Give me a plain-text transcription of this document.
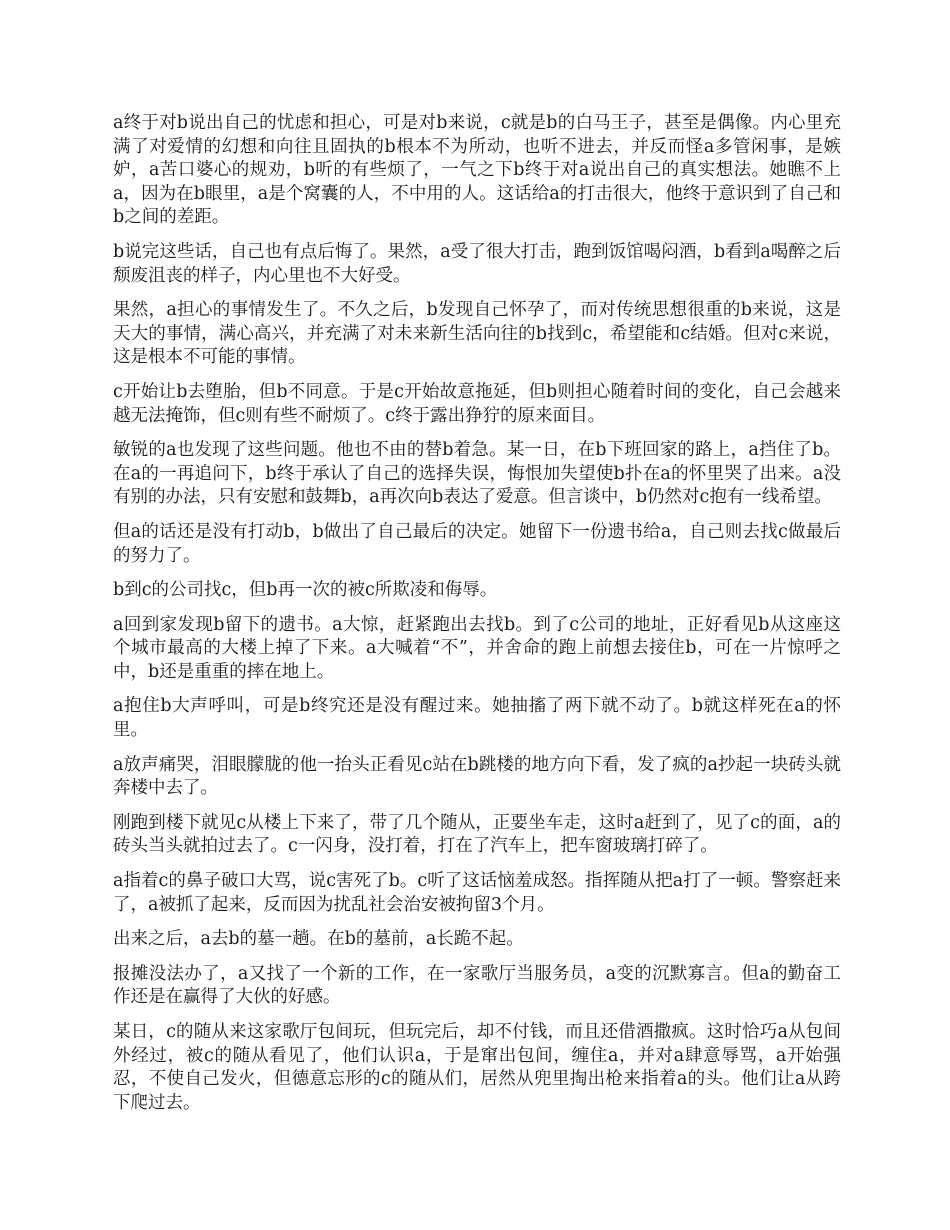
a终于对b说出自己的忧虑和担心，可是对b来说，c就是b的白马王子，甚至是偶像。内心里充满了对爱情的幻想和向往且固执的b根本不为所动，也听不进去，并反而怪a多管闲事，是嫉妒，a苦口婆心的规劝，b听的有些烦了，一气之下b终于对a说出自己的真实想法。她瞧不上a，因为在b眼里，a是个窝囊的人，不中用的人。这话给a的打击很大，他终于意识到了自己和b之间的差距。

b说完这些话，自己也有点后悔了。果然，a受了很大打击，跑到饭馆喝闷酒，b看到a喝醉之后颓废沮丧的样子，内心里也不大好受。

果然，a担心的事情发生了。不久之后，b发现自己怀孕了，而对传统思想很重的b来说，这是天大的事情，满心高兴，并充满了对未来新生活向往的b找到c，希望能和c结婚。但对c来说，这是根本不可能的事情。

c开始让b去堕胎，但b不同意。于是c开始故意拖延，但b则担心随着时间的变化，自己会越来越无法掩饰，但c则有些不耐烦了。c终于露出狰狞的原来面目。

敏锐的a也发现了这些问题。他也不由的替b着急。某一日，在b下班回家的路上，a挡住了b。在a的一再追问下，b终于承认了自己的选择失误，悔恨加失望使b扑在a的怀里哭了出来。a没有别的办法，只有安慰和鼓舞b，a再次向b表达了爱意。但言谈中，b仍然对c抱有一线希望。

但a的话还是没有打动b，b做出了自己最后的决定。她留下一份遗书给a，自己则去找c做最后的努力了。

b到c的公司找c，但b再一次的被c所欺凌和侮辱。

a回到家发现b留下的遗书。a大惊，赶紧跑出去找b。到了c公司的地址，正好看见b从这座这个城市最高的大楼上掉了下来。a大喊着“不”，并舍命的跑上前想去接住b，可在一片惊呼之中，b还是重重的摔在地上。

a抱住b大声呼叫，可是b终究还是没有醒过来。她抽搐了两下就不动了。b就这样死在a的怀里。

a放声痛哭，泪眼朦胧的他一抬头正看见c站在b跳楼的地方向下看，发了疯的a抄起一块砖头就奔楼中去了。

刚跑到楼下就见c从楼上下来了，带了几个随从，正要坐车走，这时a赶到了，见了c的面，a的砖头当头就拍过去了。c一闪身，没打着，打在了汽车上，把车窗玻璃打碎了。

a指着c的鼻子破口大骂，说c害死了b。c听了这话恼羞成怒。指挥随从把a打了一顿。警察赶来了，a被抓了起来，反而因为扰乱社会治安被拘留3个月。

出来之后，a去b的墓一趟。在b的墓前，a长跪不起。

报摊没法办了，a又找了一个新的工作，在一家歌厅当服务员，a变的沉默寡言。但a的勤奋工作还是在赢得了大伙的好感。

某日，c的随从来这家歌厅包间玩，但玩完后，却不付钱，而且还借酒撒疯。这时恰巧a从包间外经过，被c的随从看见了，他们认识a，于是窜出包间，缠住a，并对a肆意辱骂，a开始强忍，不使自己发火，但德意忘形的c的随从们，居然从兜里掏出枪来指着a的头。他们让a从跨下爬过去。
